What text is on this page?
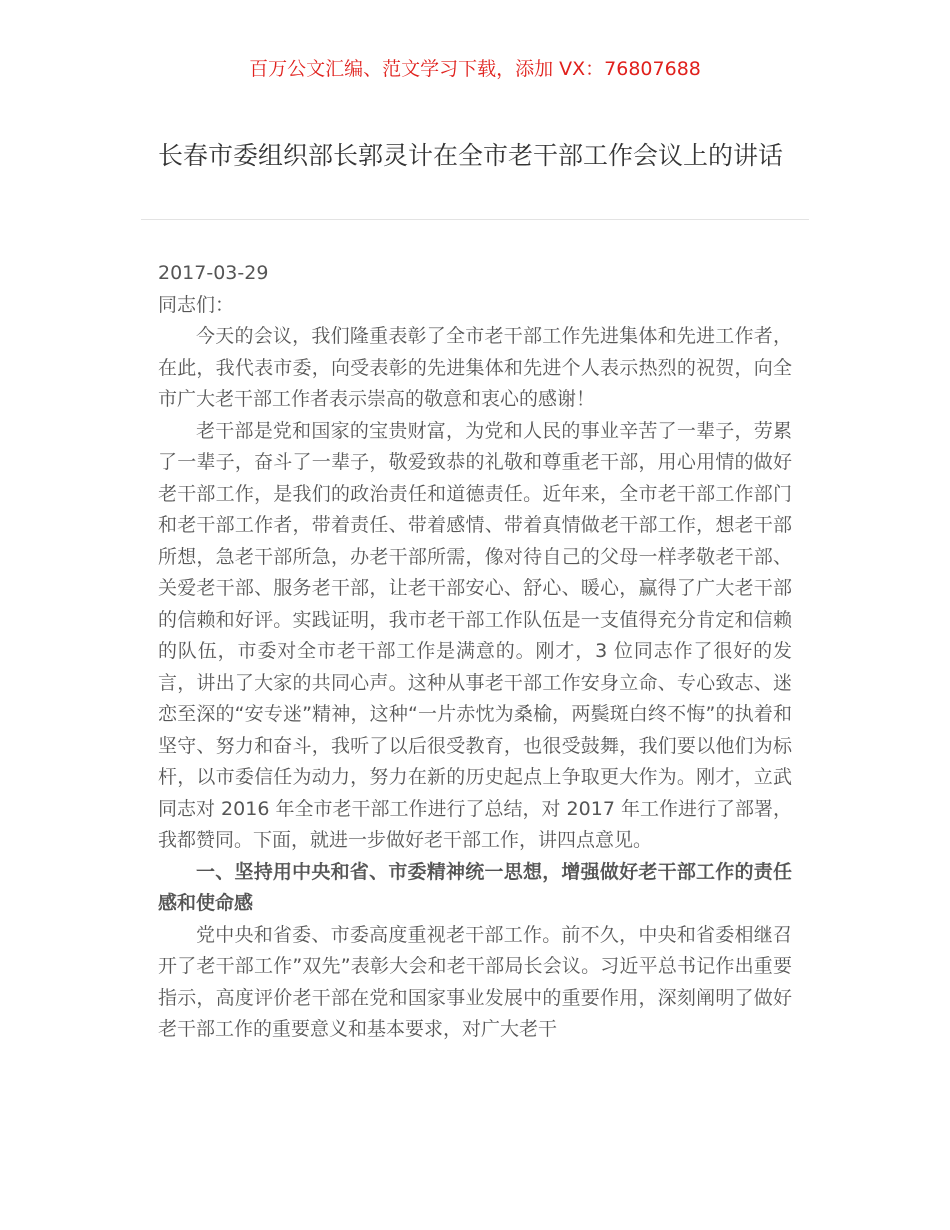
百万公文汇编、范文学习下载，添加 VX：76807688
长春市委组织部长郭灵计在全市老干部工作会议上的讲话

2017-03-29

同志们：

今天的会议，我们隆重表彰了全市老干部工作先进集体和先进工作者，在此，我代表市委，向受表彰的先进集体和先进个人表示热烈的祝贺，向全市广大老干部工作者表示崇高的敬意和衷心的感谢！

老干部是党和国家的宝贵财富，为党和人民的事业辛苦了一辈子，劳累了一辈子，奋斗了一辈子，敬爱致恭的礼敬和尊重老干部，用心用情的做好老干部工作，是我们的政治责任和道德责任。近年来，全市老干部工作部门和老干部工作者，带着责任、带着感情、带着真情做老干部工作，想老干部所想，急老干部所急，办老干部所需，像对待自己的父母一样孝敬老干部、关爱老干部、服务老干部，让老干部安心、舒心、暖心，赢得了广大老干部的信赖和好评。实践证明，我市老干部工作队伍是一支值得充分肯定和信赖的队伍，市委对全市老干部工作是满意的。刚才，3 位同志作了很好的发言，讲出了大家的共同心声。这种从事老干部工作安身立命、专心致志、迷恋至深的“安专迷”精神，这种“一片赤忱为桑榆，两鬓斑白终不悔”的执着和坚守、努力和奋斗，我听了以后很受教育，也很受鼓舞，我们要以他们为标杆，以市委信任为动力，努力在新的历史起点上争取更大作为。刚才，立武同志对 2016 年全市老干部工作进行了总结，对 2017 年工作进行了部署，我都赞同。下面，就进一步做好老干部工作，讲四点意见。

一、坚持用中央和省、市委精神统一思想，增强做好老干部工作的责任感和使命感

党中央和省委、市委高度重视老干部工作。前不久，中央和省委相继召开了老干部工作”双先”表彰大会和老干部局长会议。习近平总书记作出重要指示，高度评价老干部在党和国家事业发展中的重要作用，深刻阐明了做好老干部工作的重要意义和基本要求，对广大老干
